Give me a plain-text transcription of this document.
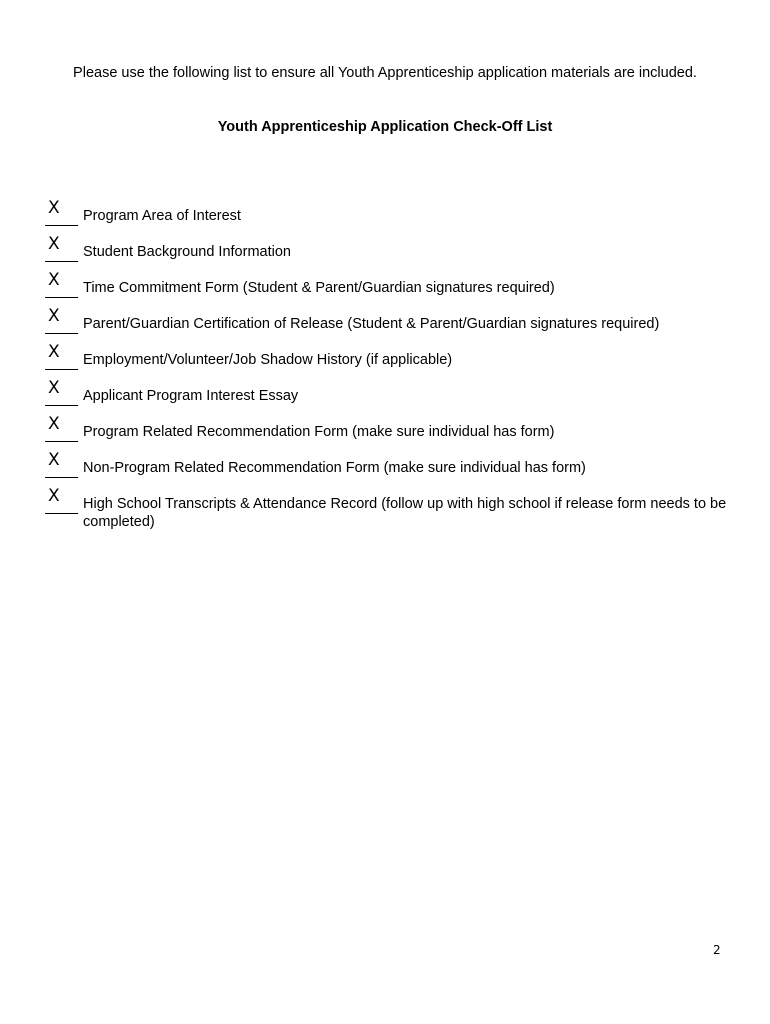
Please use the following list to ensure all Youth Apprenticeship application materials are included.

Youth Apprenticeship Application Check-Off List
X Program Area of Interest
X Student Background Information
X Time Commitment Form (Student & Parent/Guardian signatures required)
X Parent/Guardian Certification of Release (Student & Parent/Guardian signatures required)
X Employment/Volunteer/Job Shadow History (if applicable)
X Applicant Program Interest Essay
X Program Related Recommendation Form (make sure individual has form)
X Non-Program Related Recommendation Form (make sure individual has form)
X High School Transcripts & Attendance Record (follow up with high school if release form needs to be completed)
2
